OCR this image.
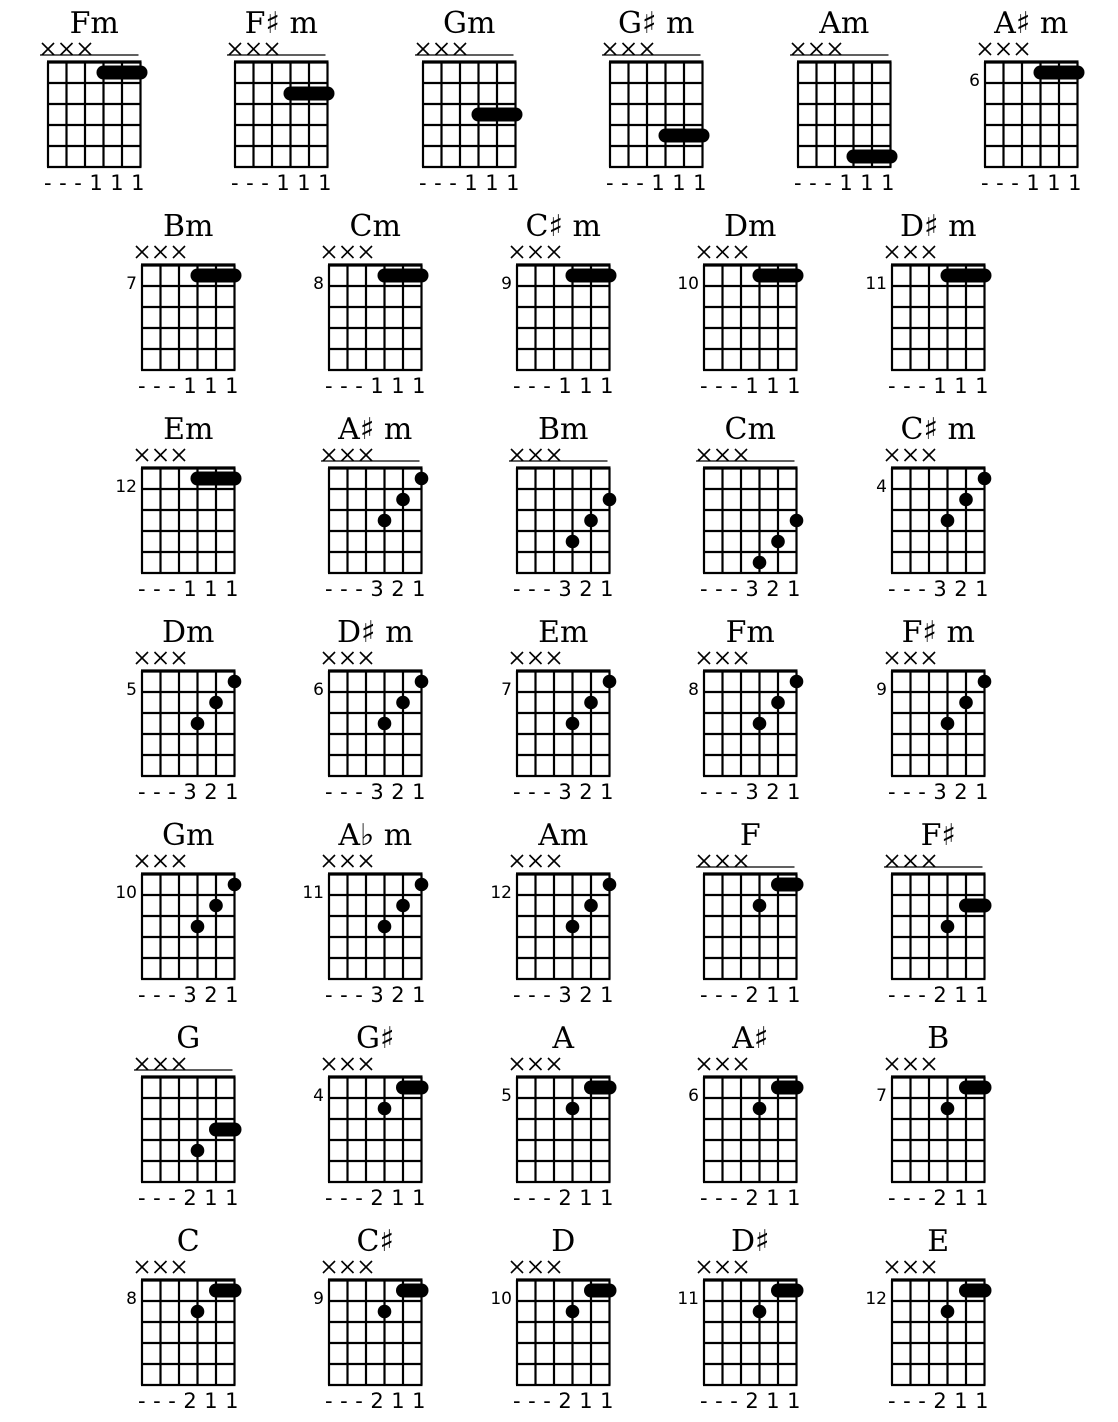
Fm
---111
F♯ m
---111
Gm
---111
G♯ m
---111
Am
---111
A♯ m
6
---111
Bm
7
---111
Cm
8
---111
C♯ m
9
---111
Dm
10
---111
D♯ m
11
---111
Em
12
---111
A♯ m
---321
Bm
---321
Cm
---321
C♯ m
4
---321
Dm
5
---321
D♯ m
6
---321
Em
7
---321
Fm
8
---321
F♯ m
9
---321
Gm
10
---321
A♭ m
11
---321
Am
12
---321
F
---211
F♯
---211
G
---211
G♯
4
---211
A
5
---211
A♯
6
---211
B
7
---211
C
8
---211
C♯
9
---211
D
10
---211
D♯
11
---211
E
12
---211
